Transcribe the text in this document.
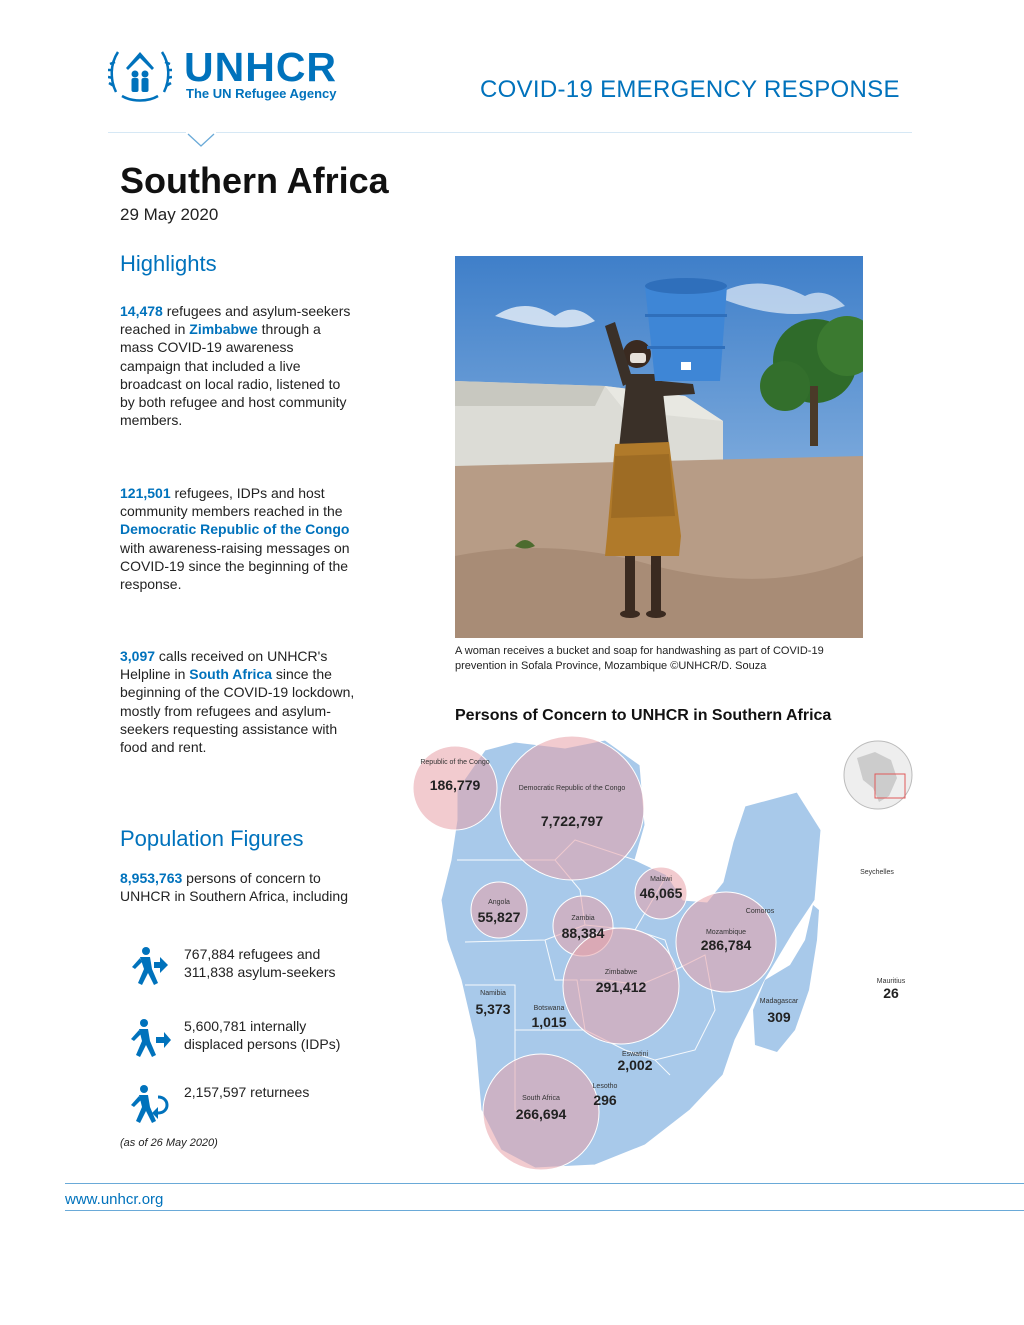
UNHCR
The UN Refugee Agency	COVID-19 EMERGENCY RESPONSE
Southern Africa
29 May 2020
Highlights
14,478 refugees and asylum-seekers reached in Zimbabwe through a mass COVID-19 awareness campaign that included a live broadcast on local radio, listened to by both refugee and host community members.
121,501 refugees, IDPs and host community members reached in the Democratic Republic of the Congo with awareness-raising messages on COVID-19 since the beginning of the response.
3,097 calls received on UNHCR's Helpline in South Africa since the beginning of the COVID-19 lockdown, mostly from refugees and asylum-seekers requesting assistance with food and rent.
Population Figures
8,953,763 persons of concern to UNHCR in Southern Africa, including
767,884 refugees and 311,838 asylum-seekers
5,600,781 internally displaced persons (IDPs)
2,157,597 returnees
(as of 26 May 2020)
A woman receives a bucket and soap for handwashing as part of COVID-19 prevention in Sofala Province, Mozambique ©UNHCR/D. Souza
Persons of Concern to UNHCR in Southern Africa
Republic of the Congo
186,779	Democratic Republic of the Congo
7,722,797
Malawi
46,065
Angola
55,827	Zambia
88,384
Comoros
Mozambique
286,784
Zimbabwe
291,412
Namibia
5,373	Botswana
1,015
Madagascar
309
Mauritius
26
Seychelles
Eswatini
2,002
South Africa
266,694
Lesotho
296
www.unhcr.org
